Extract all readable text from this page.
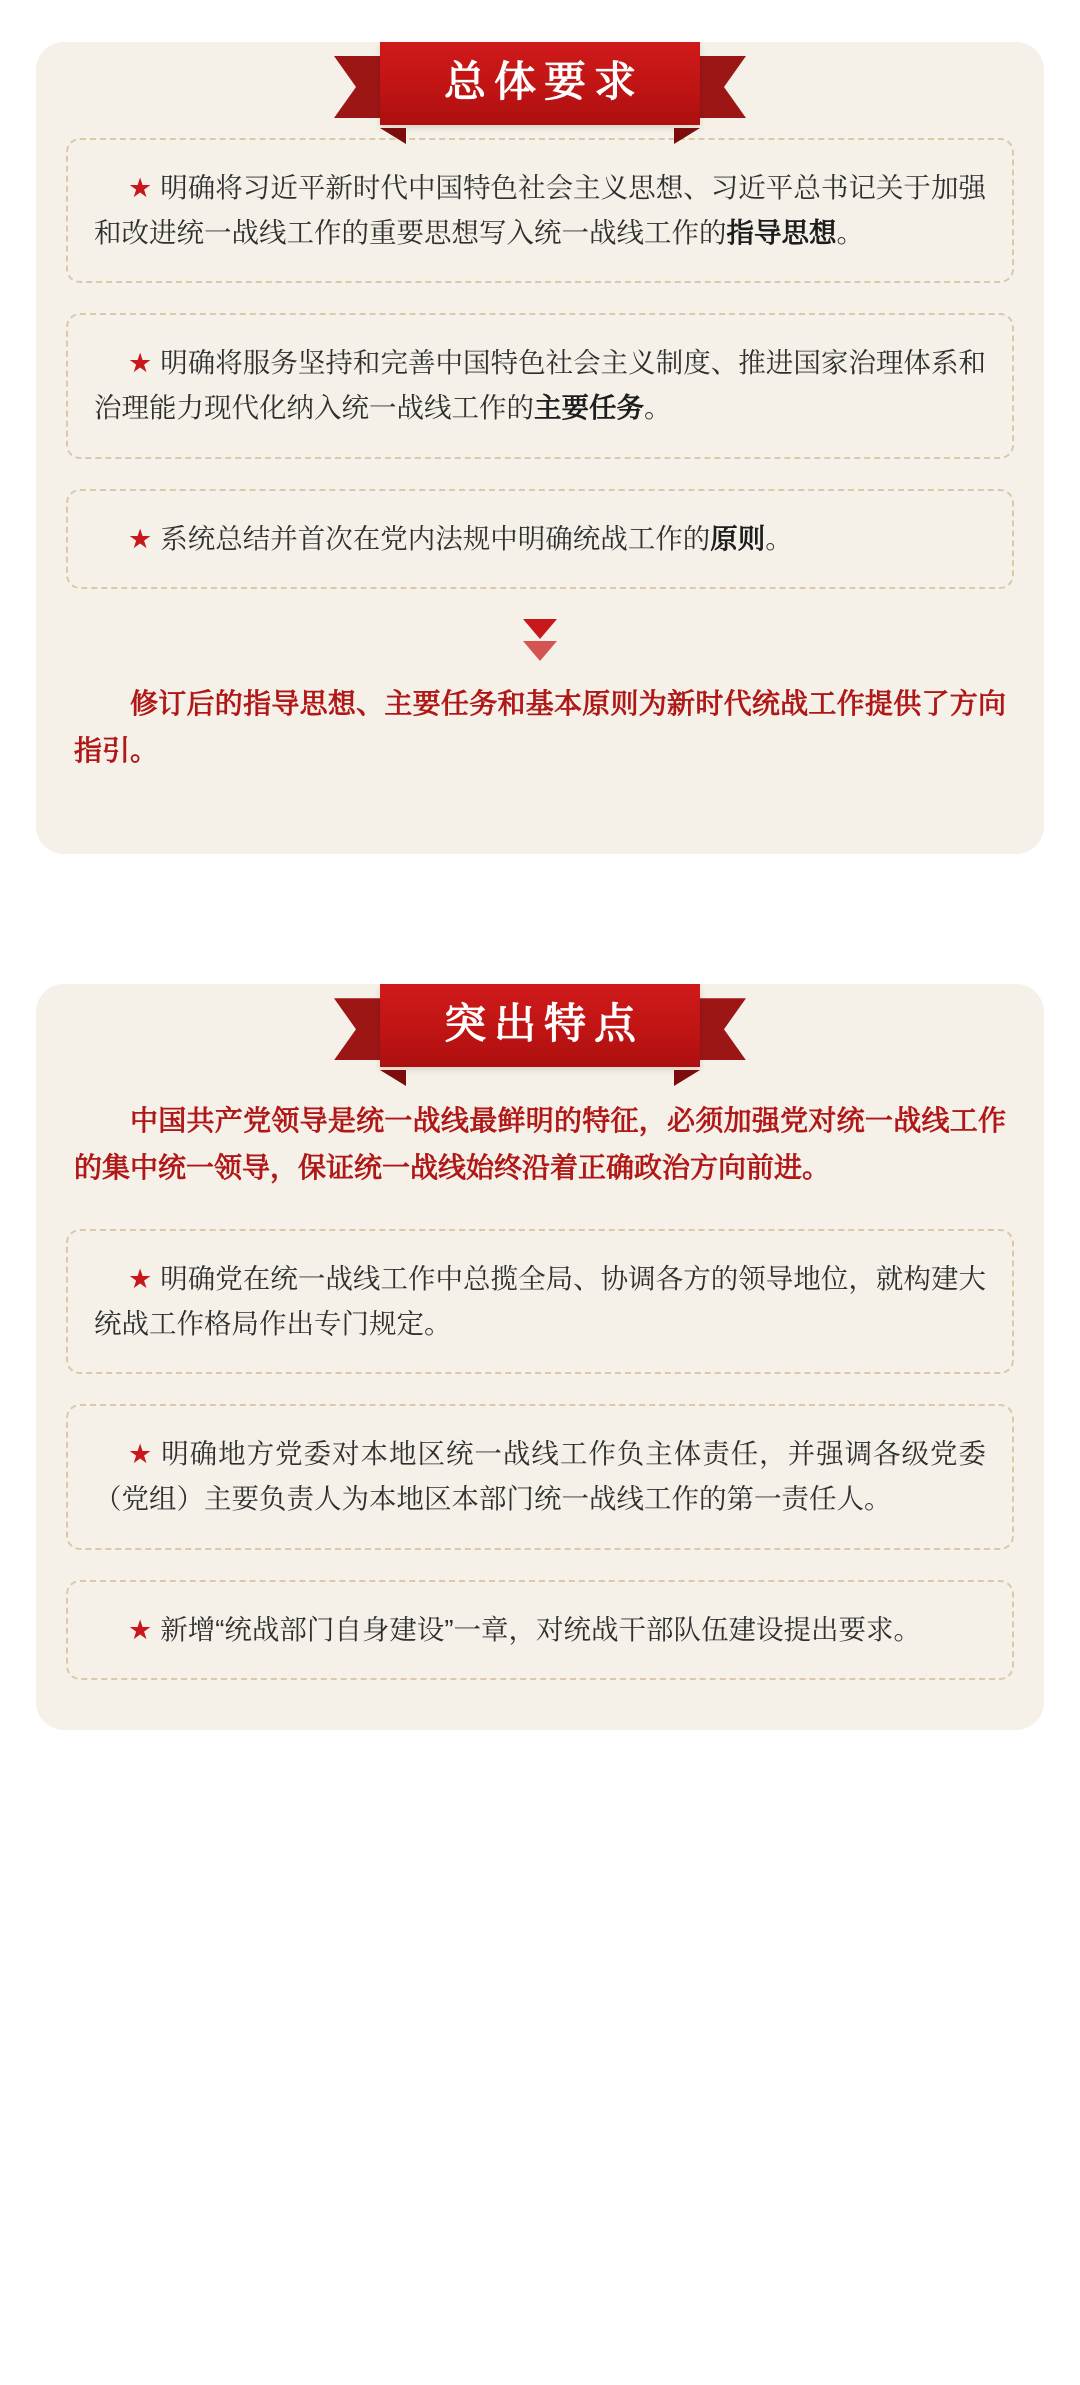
总体要求

★ 明确将习近平新时代中国特色社会主义思想、习近平总书记关于加强和改进统一战线工作的重要思想写入统一战线工作的指导思想。

★ 明确将服务坚持和完善中国特色社会主义制度、推进国家治理体系和治理能力现代化纳入统一战线工作的主要任务。

★ 系统总结并首次在党内法规中明确统战工作的原则。

修订后的指导思想、主要任务和基本原则为新时代统战工作提供了方向指引。
突出特点
中国共产党领导是统一战线最鲜明的特征，必须加强党对统一战线工作的集中统一领导，保证统一战线始终沿着正确政治方向前进。

★ 明确党在统一战线工作中总揽全局、协调各方的领导地位，就构建大统战工作格局作出专门规定。

★ 明确地方党委对本地区统一战线工作负主体责任，并强调各级党委（党组）主要负责人为本地区本部门统一战线工作的第一责任人。

★ 新增“统战部门自身建设”一章，对统战干部队伍建设提出要求。
